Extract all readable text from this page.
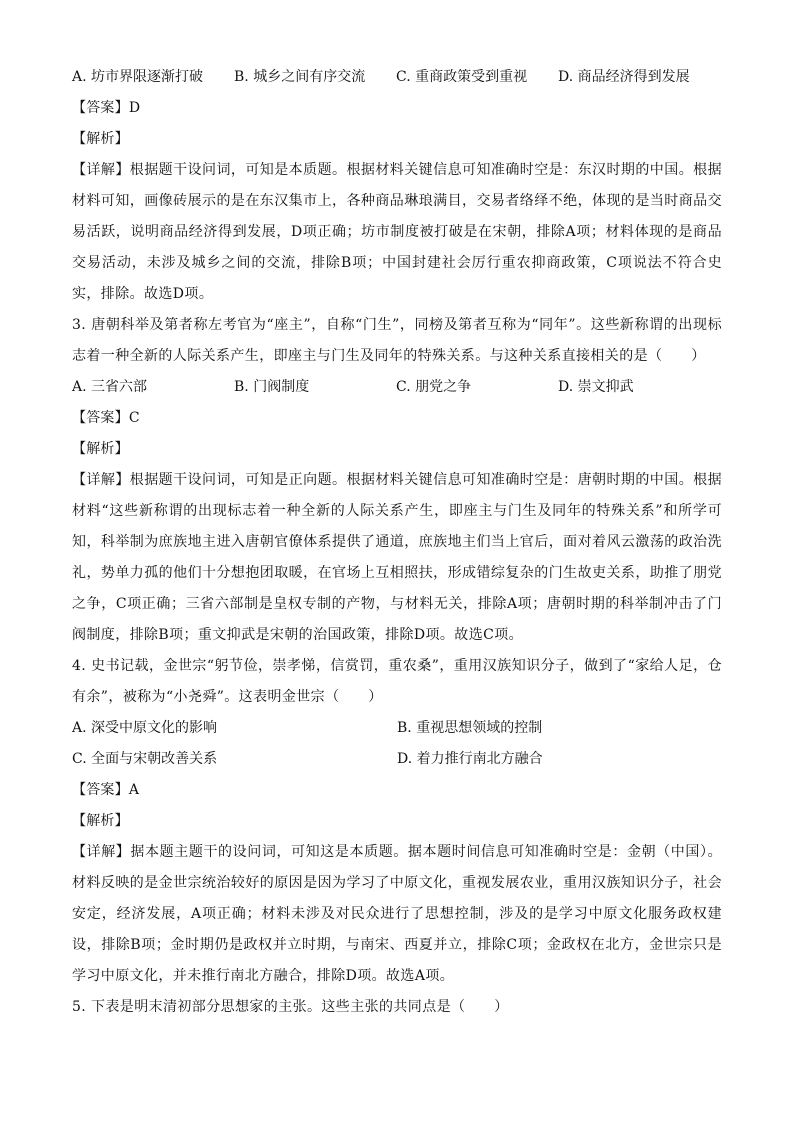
A. 坊市界限逐渐打破	B. 城乡之间有序交流	C. 重商政策受到重视	D. 商品经济得到发展
【答案】D
【解析】
【详解】根据题干设问词，可知是本质题。根据材料关键信息可知准确时空是：东汉时期的中国。根据材料可知，画像砖展示的是在东汉集市上，各种商品琳琅满目，交易者络绎不绝，体现的是当时商品交易活跃，说明商品经济得到发展，D项正确；坊市制度被打破是在宋朝，排除A项；材料体现的是商品交易活动，未涉及城乡之间的交流，排除B项；中国封建社会厉行重农抑商政策，C项说法不符合史实，排除。故选D项。
3. 唐朝科举及第者称左考官为“座主”，自称“门生”，同榜及第者互称为“同年”。这些新称谓的出现标志着一种全新的人际关系产生，即座主与门生及同年的特殊关系。与这种关系直接相关的是（　　）
A. 三省六部	B. 门阀制度	C. 朋党之争	D. 崇文抑武
【答案】C
【解析】
【详解】根据题干设问词，可知是正向题。根据材料关键信息可知准确时空是：唐朝时期的中国。根据材料“这些新称谓的出现标志着一种全新的人际关系产生，即座主与门生及同年的特殊关系”和所学可知，科举制为庶族地主进入唐朝官僚体系提供了通道，庶族地主们当上官后，面对着风云激荡的政治洗礼，势单力孤的他们十分想抱团取暖，在官场上互相照扶，形成错综复杂的门生故吏关系，助推了朋党之争，C项正确；三省六部制是皇权专制的产物，与材料无关，排除A项；唐朝时期的科举制冲击了门阀制度，排除B项；重文抑武是宋朝的治国政策，排除D项。故选C项。
4. 史书记载，金世宗“躬节俭，崇孝悌，信赏罚，重农桑”，重用汉族知识分子，做到了“家给人足，仓有余”，被称为“小尧舜”。这表明金世宗（　　）
A. 深受中原文化的影响	B. 重视思想领域的控制
C. 全面与宋朝改善关系	D. 着力推行南北方融合
【答案】A
【解析】
【详解】据本题主题干的设问词，可知这是本质题。据本题时间信息可知准确时空是：金朝（中国）。材料反映的是金世宗统治较好的原因是因为学习了中原文化，重视发展农业，重用汉族知识分子，社会安定，经济发展，A项正确；材料未涉及对民众进行了思想控制，涉及的是学习中原文化服务政权建设，排除B项；金时期仍是政权并立时期，与南宋、西夏并立，排除C项；金政权在北方，金世宗只是学习中原文化，并未推行南北方融合，排除D项。故选A项。
5. 下表是明末清初部分思想家的主张。这些主张的共同点是（　　）
